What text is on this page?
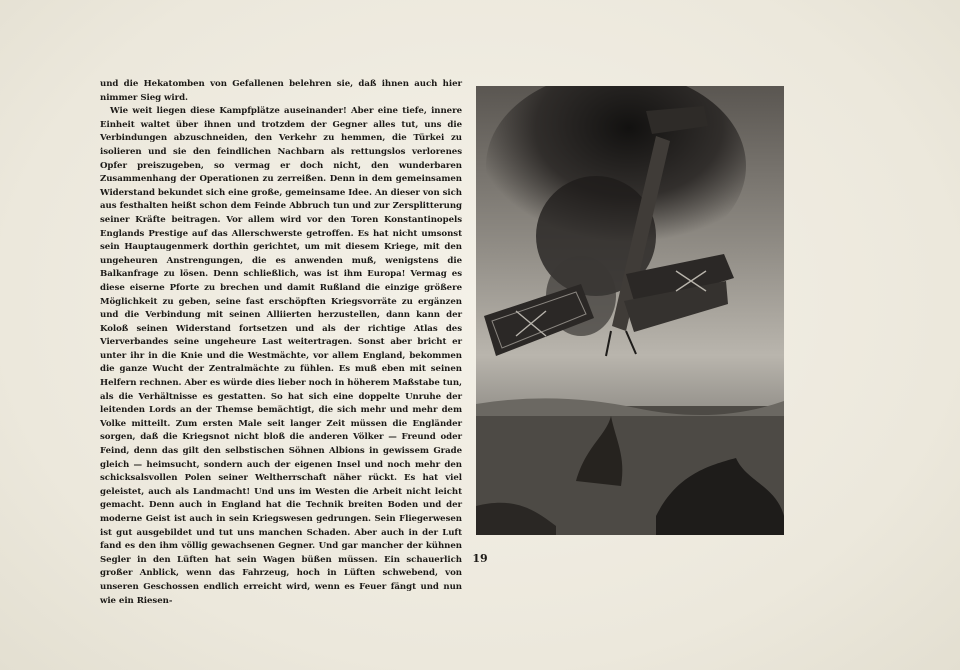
und die Hekatomben von Gefallenen belehren sie, daß ihnen auch hier nimmer Sieg wird.

Wie weit liegen diese Kampfplätze auseinander! Aber eine tiefe, innere Einheit waltet über ihnen und trotzdem der Gegner alles tut, uns die Verbindungen abzuschneiden, den Verkehr zu hemmen, die Türkei zu isolieren und sie den feindlichen Nachbarn als rettungslos verlorenes Opfer preiszugeben, so vermag er doch nicht, den wunderbaren Zusammenhang der Operationen zu zerreißen. Denn in dem gemeinsamen Widerstand bekundet sich eine große, gemeinsame Idee. An dieser von sich aus festhalten heißt schon dem Feinde Abbruch tun und zur Zersplitterung seiner Kräfte beitragen. Vor allem wird vor den Toren Konstantinopels Englands Prestige auf das Allerschwerste getroffen. Es hat nicht umsonst sein Hauptaugenmerk dorthin gerichtet, um mit diesem Kriege, mit den ungeheuren Anstrengungen, die es anwenden muß, wenigstens die Balkanfrage zu lösen. Denn schließlich, was ist ihm Europa! Vermag es diese eiserne Pforte zu brechen und damit Rußland die einzige größere Möglichkeit zu geben, seine fast erschöpften Kriegsvorräte zu ergänzen und die Verbindung mit seinen Alliierten herzustellen, dann kann der Koloß seinen Widerstand fortsetzen und als der richtige Atlas des Vierverbandes seine ungeheure Last weitertragen. Sonst aber bricht er unter ihr in die Knie und die Westmächte, vor allem England, bekommen die ganze Wucht der Zentralmächte zu fühlen. Es muß eben mit seinen Helfern rechnen. Aber es würde dies lieber noch in höherem Maßstabe tun, als die Verhältnisse es gestatten. So hat sich eine doppelte Unruhe der leitenden Lords an der Themse bemächtigt, die sich mehr und mehr dem Volke mitteilt. Zum ersten Male seit langer Zeit müssen die Engländer sorgen, daß die Kriegsnot nicht bloß die anderen Völker — Freund oder Feind, denn das gilt den selbstischen Söhnen Albions in gewissem Grade gleich — heimsucht, sondern auch der eigenen Insel und noch mehr den schicksalsvollen Polen seiner Weltherrschaft näher rückt. Es hat viel geleistet, auch als Landmacht! Und uns im Westen die Arbeit nicht leicht gemacht. Denn auch in England hat die Technik breiten Boden und der moderne Geist ist auch in sein Kriegswesen gedrungen. Sein Fliegerwesen ist gut ausgebildet und tut uns manchen Schaden. Aber auch in der Luft fand es den ihm völlig gewachsenen Gegner. Und gar mancher der kühnen Segler in den Lüften hat sein Wagen büßen müssen. Ein schauerlich großer Anblick, wenn das Fahrzeug, hoch in Lüften schwebend, von unseren Geschossen endlich erreicht wird, wenn es Feuer fängt und nun wie ein Riesen-

19
